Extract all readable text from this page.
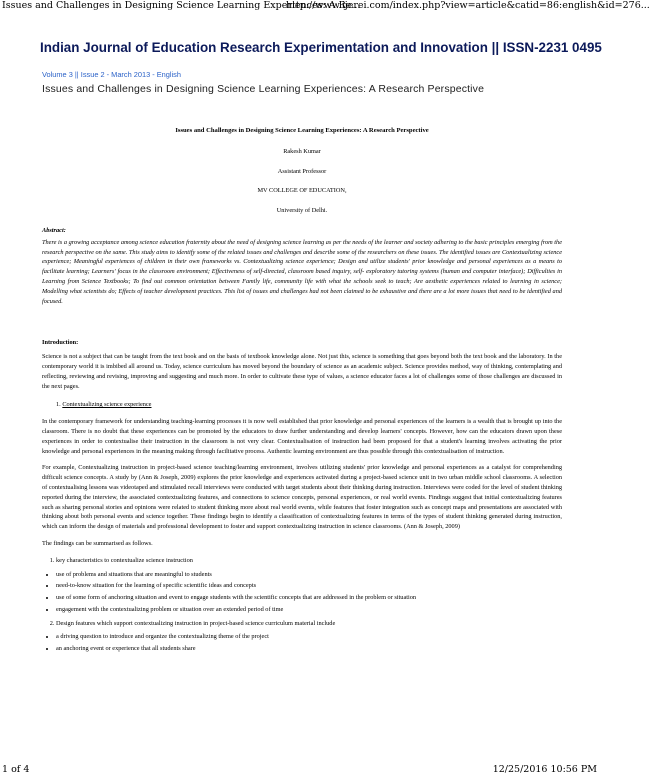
Issues and Challenges in Designing Science Learning Experiences: A Re...
http://www.ijerei.com/index.php?view=article&catid=86:english&id=276...
Indian Journal of Education Research Experimentation and Innovation || ISSN-2231 0495
Volume 3 || Issue 2 - March 2013 - English
Issues and Challenges in Designing Science Learning Experiences: A Research Perspective
Issues and Challenges in Designing Science Learning Experiences: A Research Perspective
Rakesh Kumar
Assistant Professor
MV COLLEGE OF EDUCATION,
University of Delhi.
Abstract:

There is a growing acceptance among science education fraternity about the need of designing science learning as per the needs of the learner and society adhering to the basic principles emerging from the research perspective on the same. This study aims to identify some of the related issues and challenges and describe some of the researchers on these issues. The identified issues are Contextualizing science experience; Meaningful experiences of children in their own frameworks vs. Contextualizing science experience; Design and utilize students' prior knowledge and personal experiences as a means to facilitate learning; Learners' focus in the classroom environment; Effectiveness of self-directed, classroom based inquiry, self- exploratory tutoring systems (human and computer interface); Difficulties in Learning from Science Textbooks; To find out common orientation between Family life, community life with what the schools seek to teach; Are aesthetic experiences related to learning in science; Modelling what scientists do; Effects of teacher development practices. This list of issues and challenges had not been claimed to be exhaustive and there are a lot more issues that need to be identified and focused.

Introduction:

Science is not a subject that can be taught from the text book and on the basis of textbook knowledge alone. Not just this, science is something that goes beyond both the text book and the laboratory. In the contemporary world it is imbibed all around us. Today, science curriculum has moved beyond the boundary of science as an academic subject. Science provides method, way of thinking, contemplating and reflecting, reviewing and revising, improving and suggesting and much more. In order to cultivate these type of values, a science educator faces a lot of challenges some of those challenges are discussed in the next pages.

1. Contextualizing science experience

In the contemporary framework for understanding teaching-learning processes it is now well established that prior knowledge and personal experiences of the learners is a wealth that is brought up into the classroom. There is no doubt that these experiences can be promoted by the educators to draw further understanding and develop learners' concepts. However, how can the educators drawn upon these experiences in order to contextualise their instruction in the classroom is not very clear. Contextualisation of instruction had been proposed for that a student's learning involves activating the prior knowledge and personal experiences in the meaning making through facilitative process. Authentic learning environment are thus possible through this contextualisation of instruction.

For example, Contextualizing instruction in project-based science teaching/learning environment, involves utilizing students' prior knowledge and personal experiences as a catalyst for comprehending difficult science concepts. A study by (Ann & Joseph, 2009) explores the prior knowledge and experiences activated during a project-based science unit in two urban middle school classrooms. A selection of contextualising lessons was videotaped and stimulated recall interviews were conducted with target students about their thinking during instruction. Interviews were coded for the level of student thinking reported during the interview, the associated contextualizing features, and connections to science concepts, personal experiences, or real world events. Findings suggest that initial contextualizing features such as sharing personal stories and opinions were related to student thinking more about real world events, while features that foster integration such as concept maps and presentations are associated with thinking about both personal events and science together. These findings begin to identify a classification of contextualizing features in terms of the types of student thinking generated during instruction, which can inform the design of materials and professional development to foster and support contextualizing instruction in science classrooms. (Ann & Joseph, 2009)

The findings can be summarised as follows.

1. key characteristics to contextualize science instruction
• use of problems and situations that are meaningful to students
• need-to-know situation for the learning of specific scientific ideas and concepts
• use of some form of anchoring situation and event to engage students with the scientific concepts that are addressed in the problem or situation
• engagement with the contextualizing problem or situation over an extended period of time
2. Design features which support contextualizing instruction in project-based science curriculum material include
• a driving question to introduce and organize the contextualizing theme of the project
• an anchoring event or experience that all students share
1 of 4	12/25/2016 10:56 PM
